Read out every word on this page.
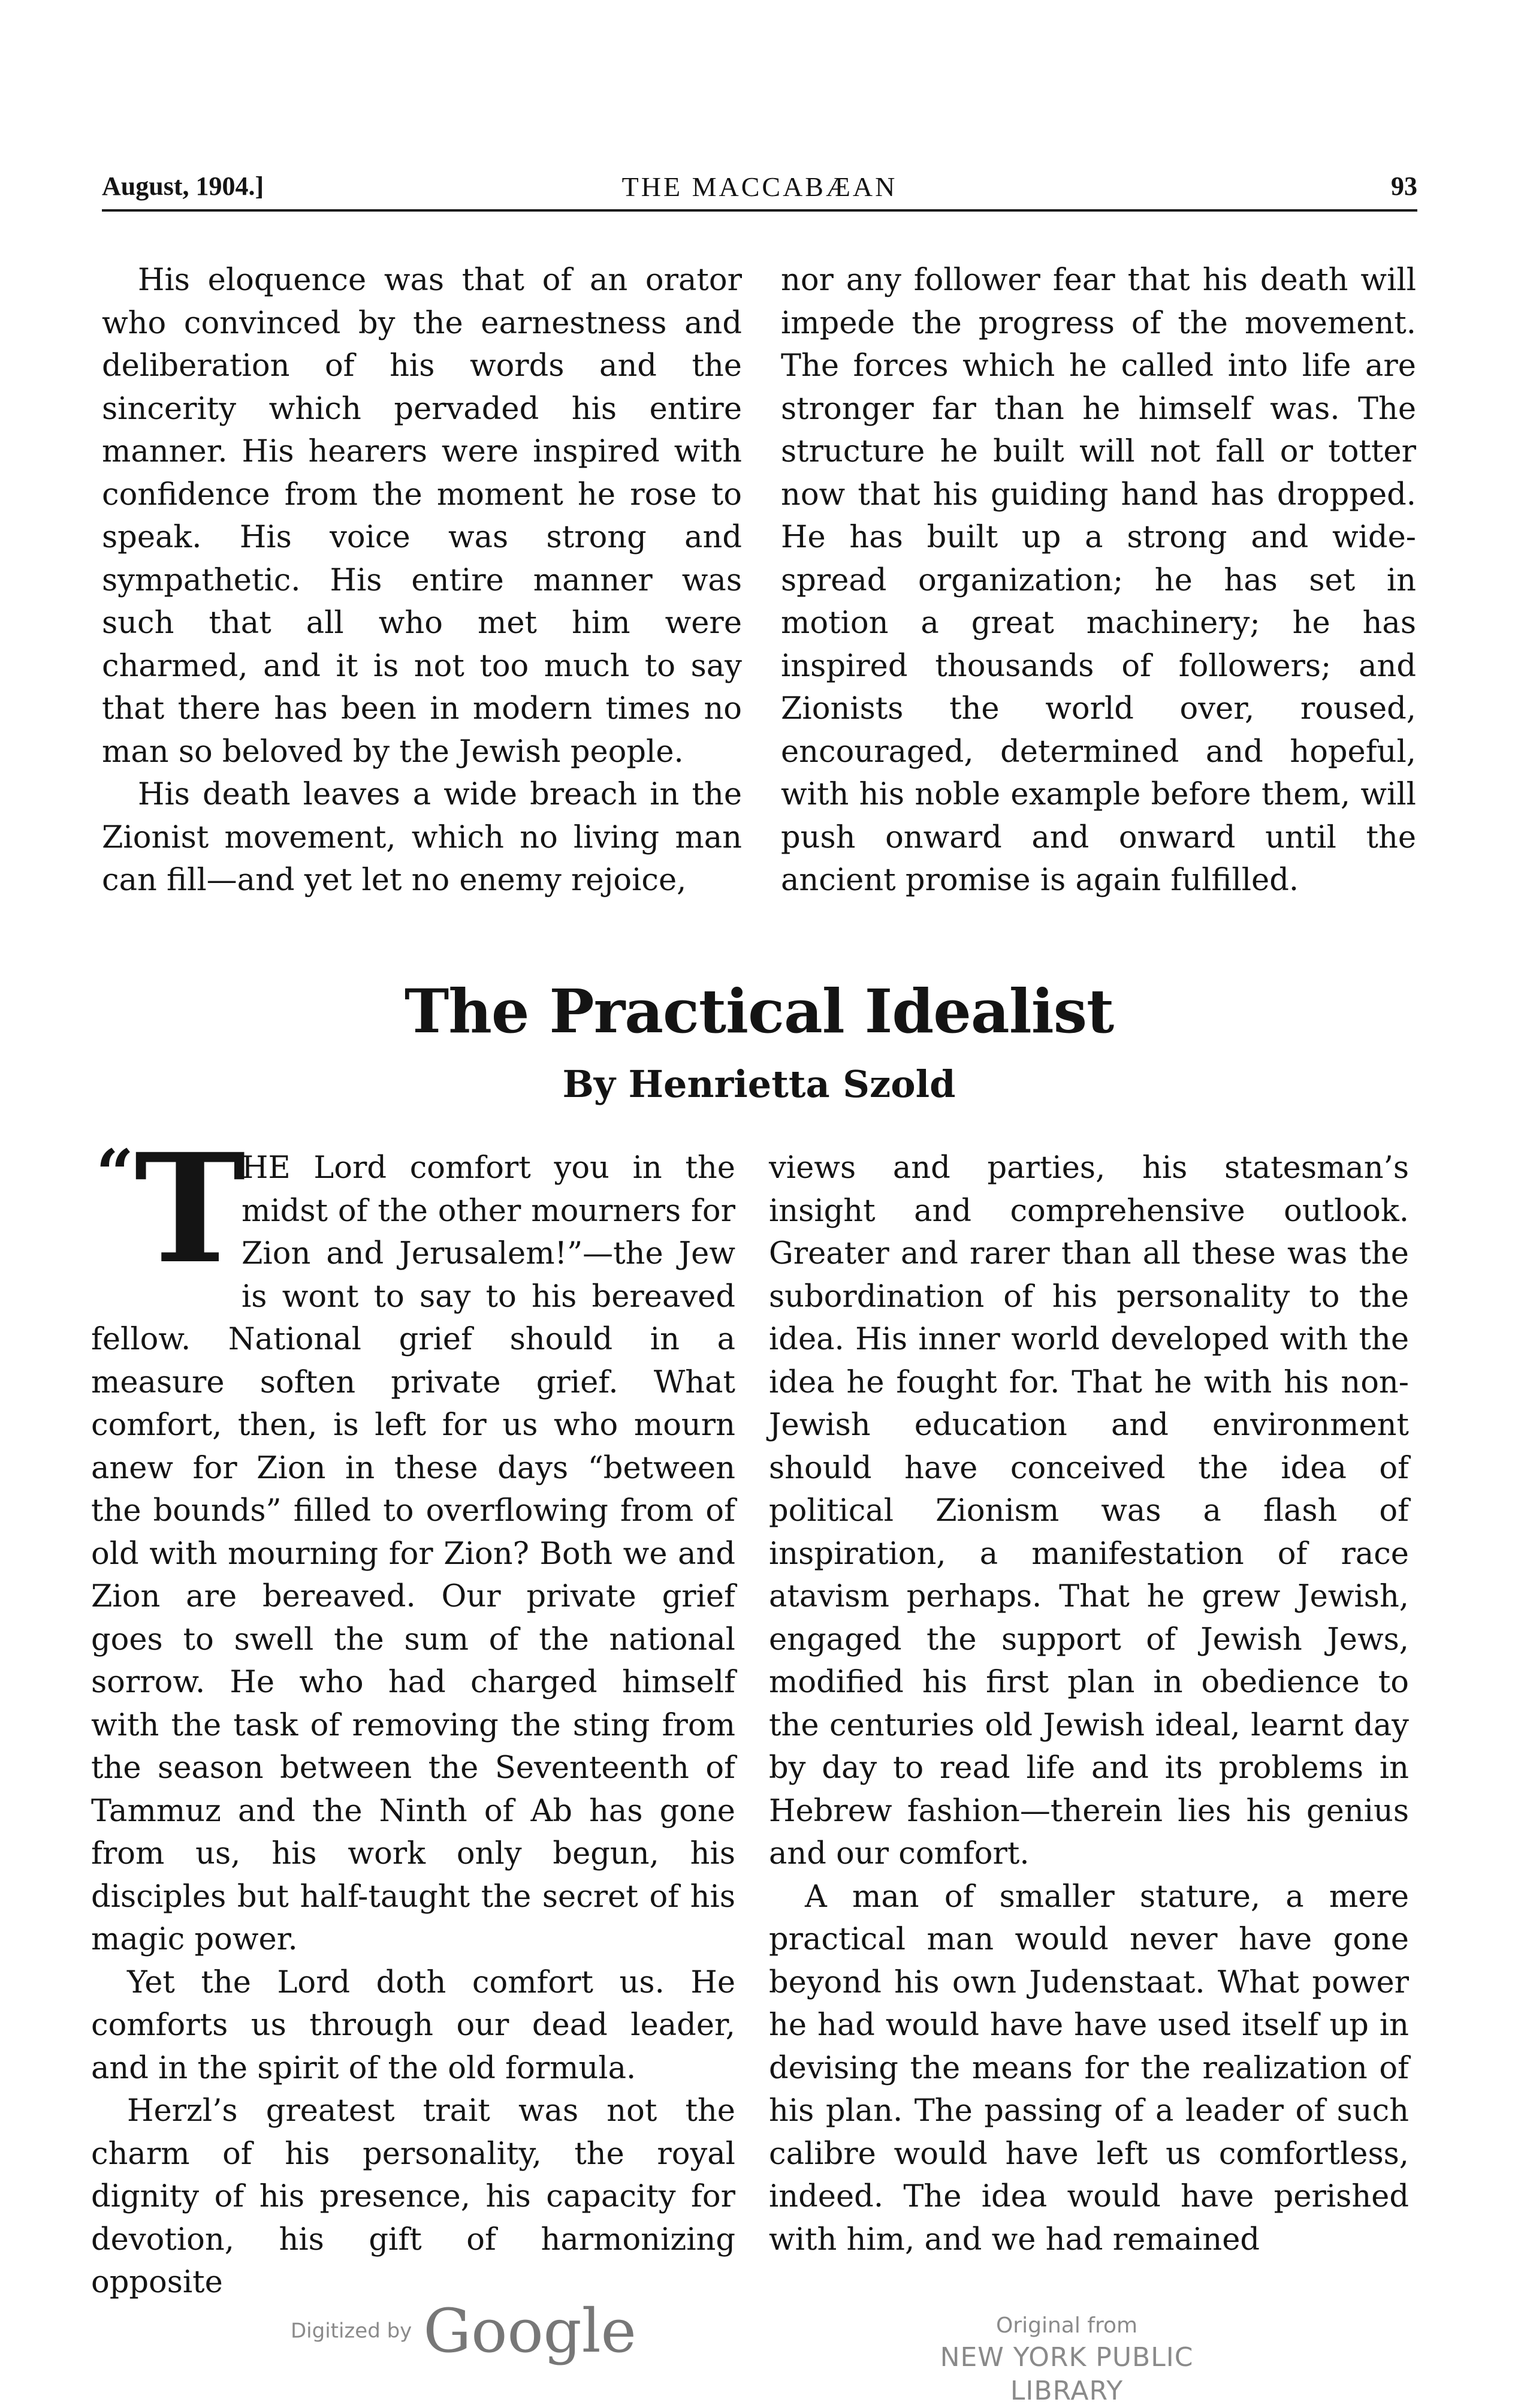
August, 1904.]	THE MACCABÆAN	93

His eloquence was that of an orator who convinced by the earnestness and deliberation of his words and the sincerity which pervaded his entire manner. His hearers were inspired with confidence from the moment he rose to speak. His voice was strong and sympathetic. His entire manner was such that all who met him were charmed, and it is not too much to say that there has been in modern times no man so beloved by the Jewish people.

His death leaves a wide breach in the Zionist movement, which no living man can fill—and yet let no enemy rejoice,

nor any follower fear that his death will impede the progress of the movement. The forces which he called into life are stronger far than he himself was. The structure he built will not fall or totter now that his guiding hand has dropped. He has built up a strong and wide-spread organization; he has set in motion a great machinery; he has inspired thousands of followers; and Zionists the world over, roused, encouraged, determined and hopeful, with his noble example before them, will push onward and onward until the ancient promise is again fulfilled.

The Practical Idealist
By Henrietta Szold
“ T

HE Lord comfort you in the midst of the other mourners for Zion and Jerusalem!”—the Jew is wont to say to his bereaved fellow. National grief should in a measure soften private grief. What comfort, then, is left for us who mourn anew for Zion in these days “between the bounds” filled to overflowing from of old with mourning for Zion? Both we and Zion are bereaved. Our private grief goes to swell the sum of the national sorrow. He who had charged himself with the task of removing the sting from the season between the Seventeenth of Tammuz and the Ninth of Ab has gone from us, his work only begun, his disciples but half-taught the secret of his magic power.

Yet the Lord doth comfort us. He comforts us through our dead leader, and in the spirit of the old formula.

Herzl’s greatest trait was not the charm of his personality, the royal dignity of his presence, his capacity for devotion, his gift of harmonizing opposite

views and parties, his statesman’s insight and comprehensive outlook. Greater and rarer than all these was the subordination of his personality to the idea. His inner world developed with the idea he fought for. That he with his non-Jewish education and environment should have conceived the idea of political Zionism was a flash of inspiration, a manifestation of race atavism perhaps. That he grew Jewish, engaged the support of Jewish Jews, modified his first plan in obedience to the centuries old Jewish ideal, learnt day by day to read life and its problems in Hebrew fashion—therein lies his genius and our comfort.

A man of smaller stature, a mere practical man would never have gone beyond his own Judenstaat. What power he had would have have used itself up in devising the means for the realization of his plan. The passing of a leader of such calibre would have left us comfortless, indeed. The idea would have perished with him, and we had remained

Digitized by Google	Original from
NEW YORK PUBLIC LIBRARY
